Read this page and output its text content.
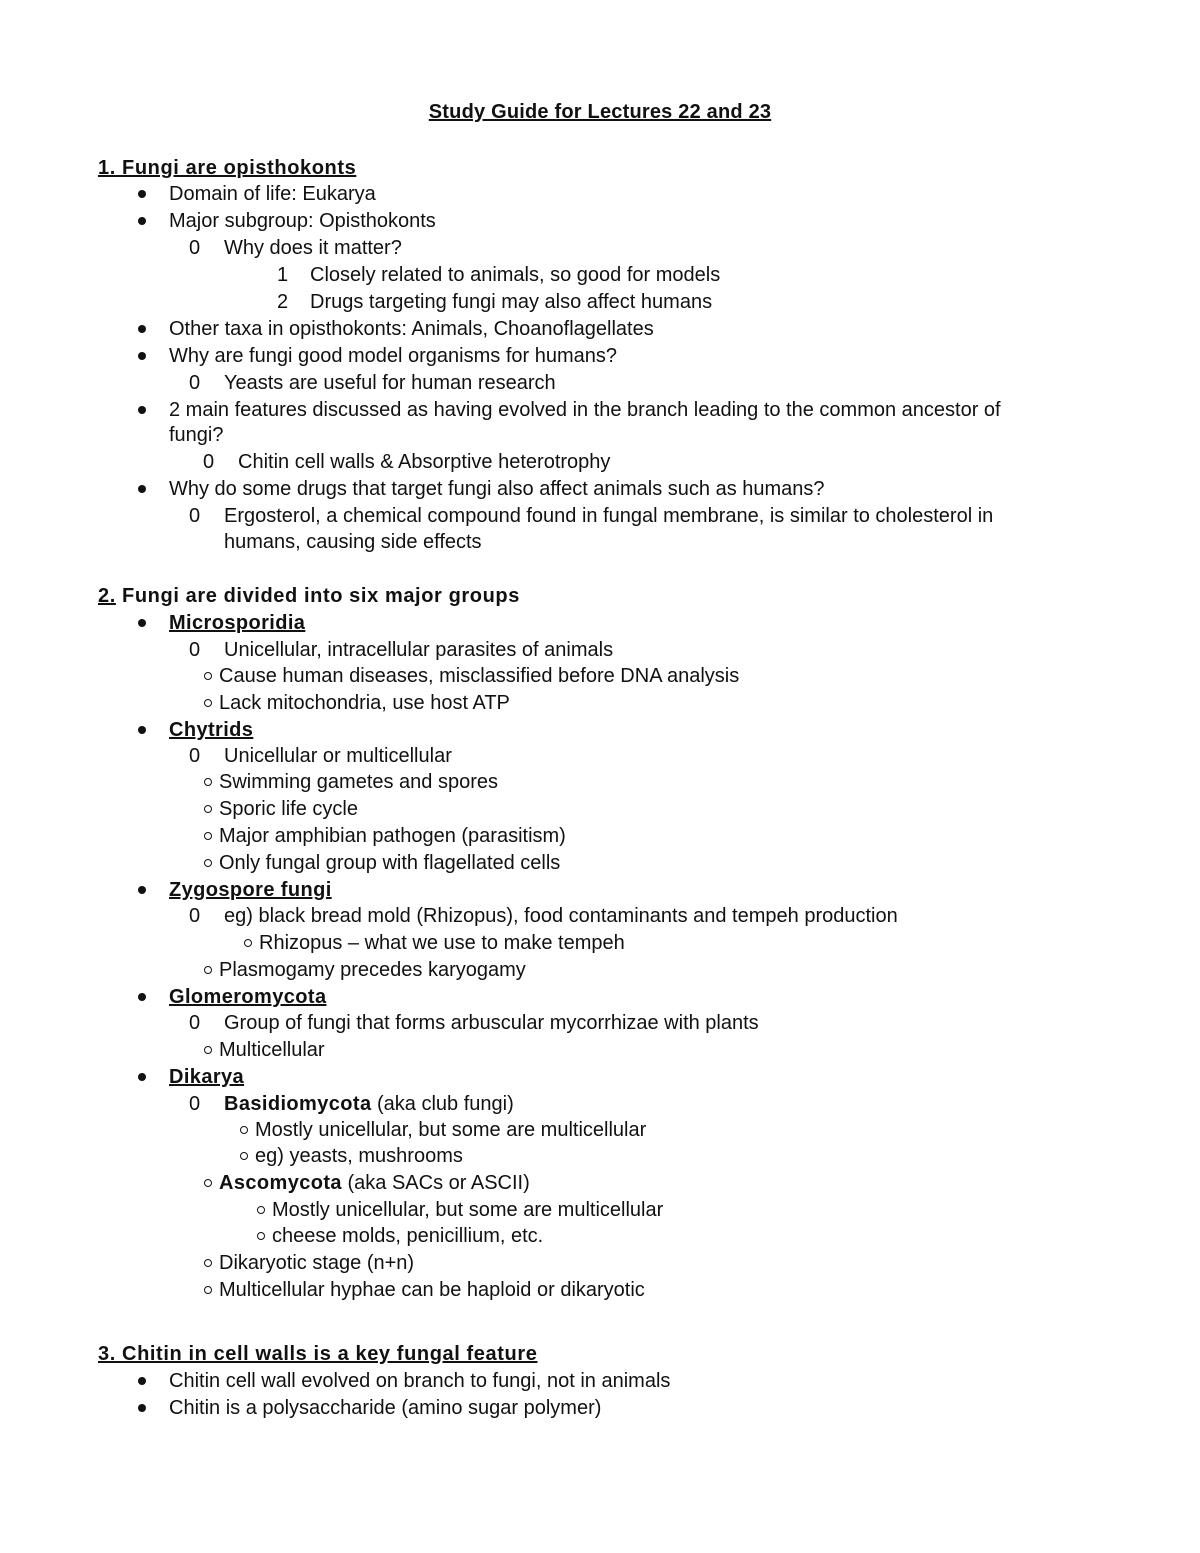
Study Guide for Lectures 22 and 23
1. Fungi are opisthokonts
Domain of life: Eukarya
Major subgroup: Opisthokonts
0 Why does it matter?
1 Closely related to animals, so good for models
2 Drugs targeting fungi may also affect humans
Other taxa in opisthokonts: Animals, Choanoflagellates
Why are fungi good model organisms for humans?
0 Yeasts are useful for human research
2 main features discussed as having evolved in the branch leading to the common ancestor of
fungi?
0 Chitin cell walls & Absorptive heterotrophy
Why do some drugs that target fungi also affect animals such as humans?
0 Ergosterol, a chemical compound found in fungal membrane, is similar to cholesterol in
humans, causing side effects
2. Fungi are divided into six major groups
Microsporidia
0 Unicellular, intracellular parasites of animals
Cause human diseases, misclassified before DNA analysis
Lack mitochondria, use host ATP
Chytrids
0 Unicellular or multicellular
Swimming gametes and spores
Sporic life cycle
Major amphibian pathogen (parasitism)
Only fungal group with flagellated cells
Zygospore fungi
0 eg) black bread mold (Rhizopus), food contaminants and tempeh production
Rhizopus – what we use to make tempeh
Plasmogamy precedes karyogamy
Glomeromycota
0 Group of fungi that forms arbuscular mycorrhizae with plants
Multicellular
Dikarya
0 Basidiomycota (aka club fungi)
Mostly unicellular, but some are multicellular
eg) yeasts, mushrooms
Ascomycota (aka SACs or ASCII)
Mostly unicellular, but some are multicellular
cheese molds, penicillium, etc.
Dikaryotic stage (n+n)
Multicellular hyphae can be haploid or dikaryotic
3. Chitin in cell walls is a key fungal feature
Chitin cell wall evolved on branch to fungi, not in animals
Chitin is a polysaccharide (amino sugar polymer)
